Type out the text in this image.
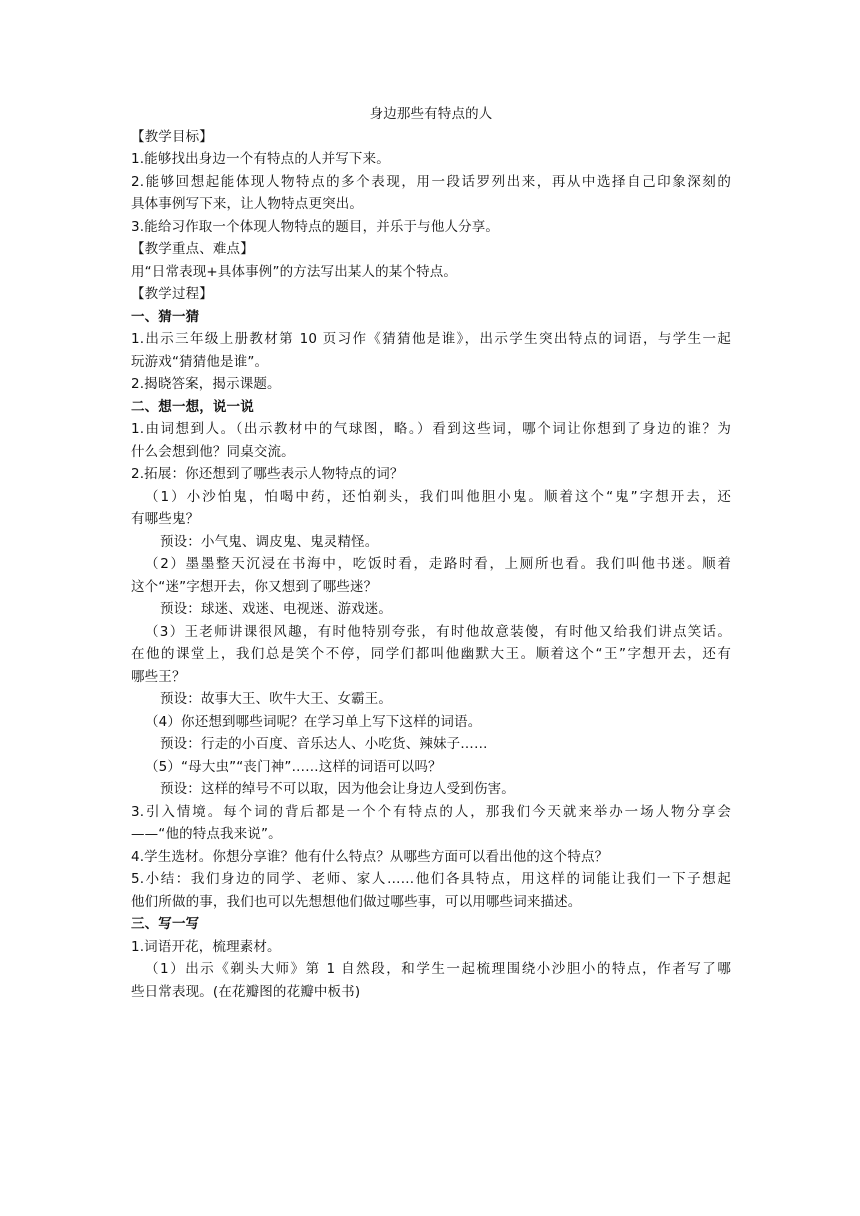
身边那些有特点的人
【教学目标】
1.能够找出身边一个有特点的人并写下来。
2.能够回想起能体现人物特点的多个表现，用一段话罗列出来，再从中选择自己印象深刻的
具体事例写下来，让人物特点更突出。
3.能给习作取一个体现人物特点的题目，并乐于与他人分享。
【教学重点、难点】
用“日常表现+具体事例”的方法写出某人的某个特点。
【教学过程】
一、猜一猜
1.出示三年级上册教材第 10 页习作《猜猜他是谁》，出示学生突出特点的词语，与学生一起
玩游戏“猜猜他是谁”。
2.揭晓答案，揭示课题。
二、想一想，说一说
1.由词想到人。（出示教材中的气球图，略。）看到这些词，哪个词让你想到了身边的谁？为
什么会想到他？同桌交流。
2.拓展：你还想到了哪些表示人物特点的词？
（1）小沙怕鬼，怕喝中药，还怕剃头，我们叫他胆小鬼。顺着这个“鬼”字想开去，还
有哪些鬼？
预设：小气鬼、调皮鬼、鬼灵精怪。
（2）墨墨整天沉浸在书海中，吃饭时看，走路时看，上厕所也看。我们叫他书迷。顺着
这个“迷”字想开去，你又想到了哪些迷？
预设：球迷、戏迷、电视迷、游戏迷。
（3）王老师讲课很风趣，有时他特别夸张，有时他故意装傻，有时他又给我们讲点笑话。
在他的课堂上，我们总是笑个不停，同学们都叫他幽默大王。顺着这个“王”字想开去，还有
哪些王？
预设：故事大王、吹牛大王、女霸王。
（4）你还想到哪些词呢？在学习单上写下这样的词语。
预设：行走的小百度、音乐达人、小吃货、辣妹子……
（5）“母大虫”“丧门神”……这样的词语可以吗？
预设：这样的绰号不可以取，因为他会让身边人受到伤害。
3.引入情境。每个词的背后都是一个个有特点的人，那我们今天就来举办一场人物分享会
——“他的特点我来说”。
4.学生选材。你想分享谁？他有什么特点？从哪些方面可以看出他的这个特点？
5.小结：我们身边的同学、老师、家人……他们各具特点，用这样的词能让我们一下子想起
他们所做的事，我们也可以先想想他们做过哪些事，可以用哪些词来描述。
三、写一写
1.词语开花，梳理素材。
（1）出示《剃头大师》第 1 自然段，和学生一起梳理围绕小沙胆小的特点，作者写了哪
些日常表现。(在花瓣图的花瓣中板书)
